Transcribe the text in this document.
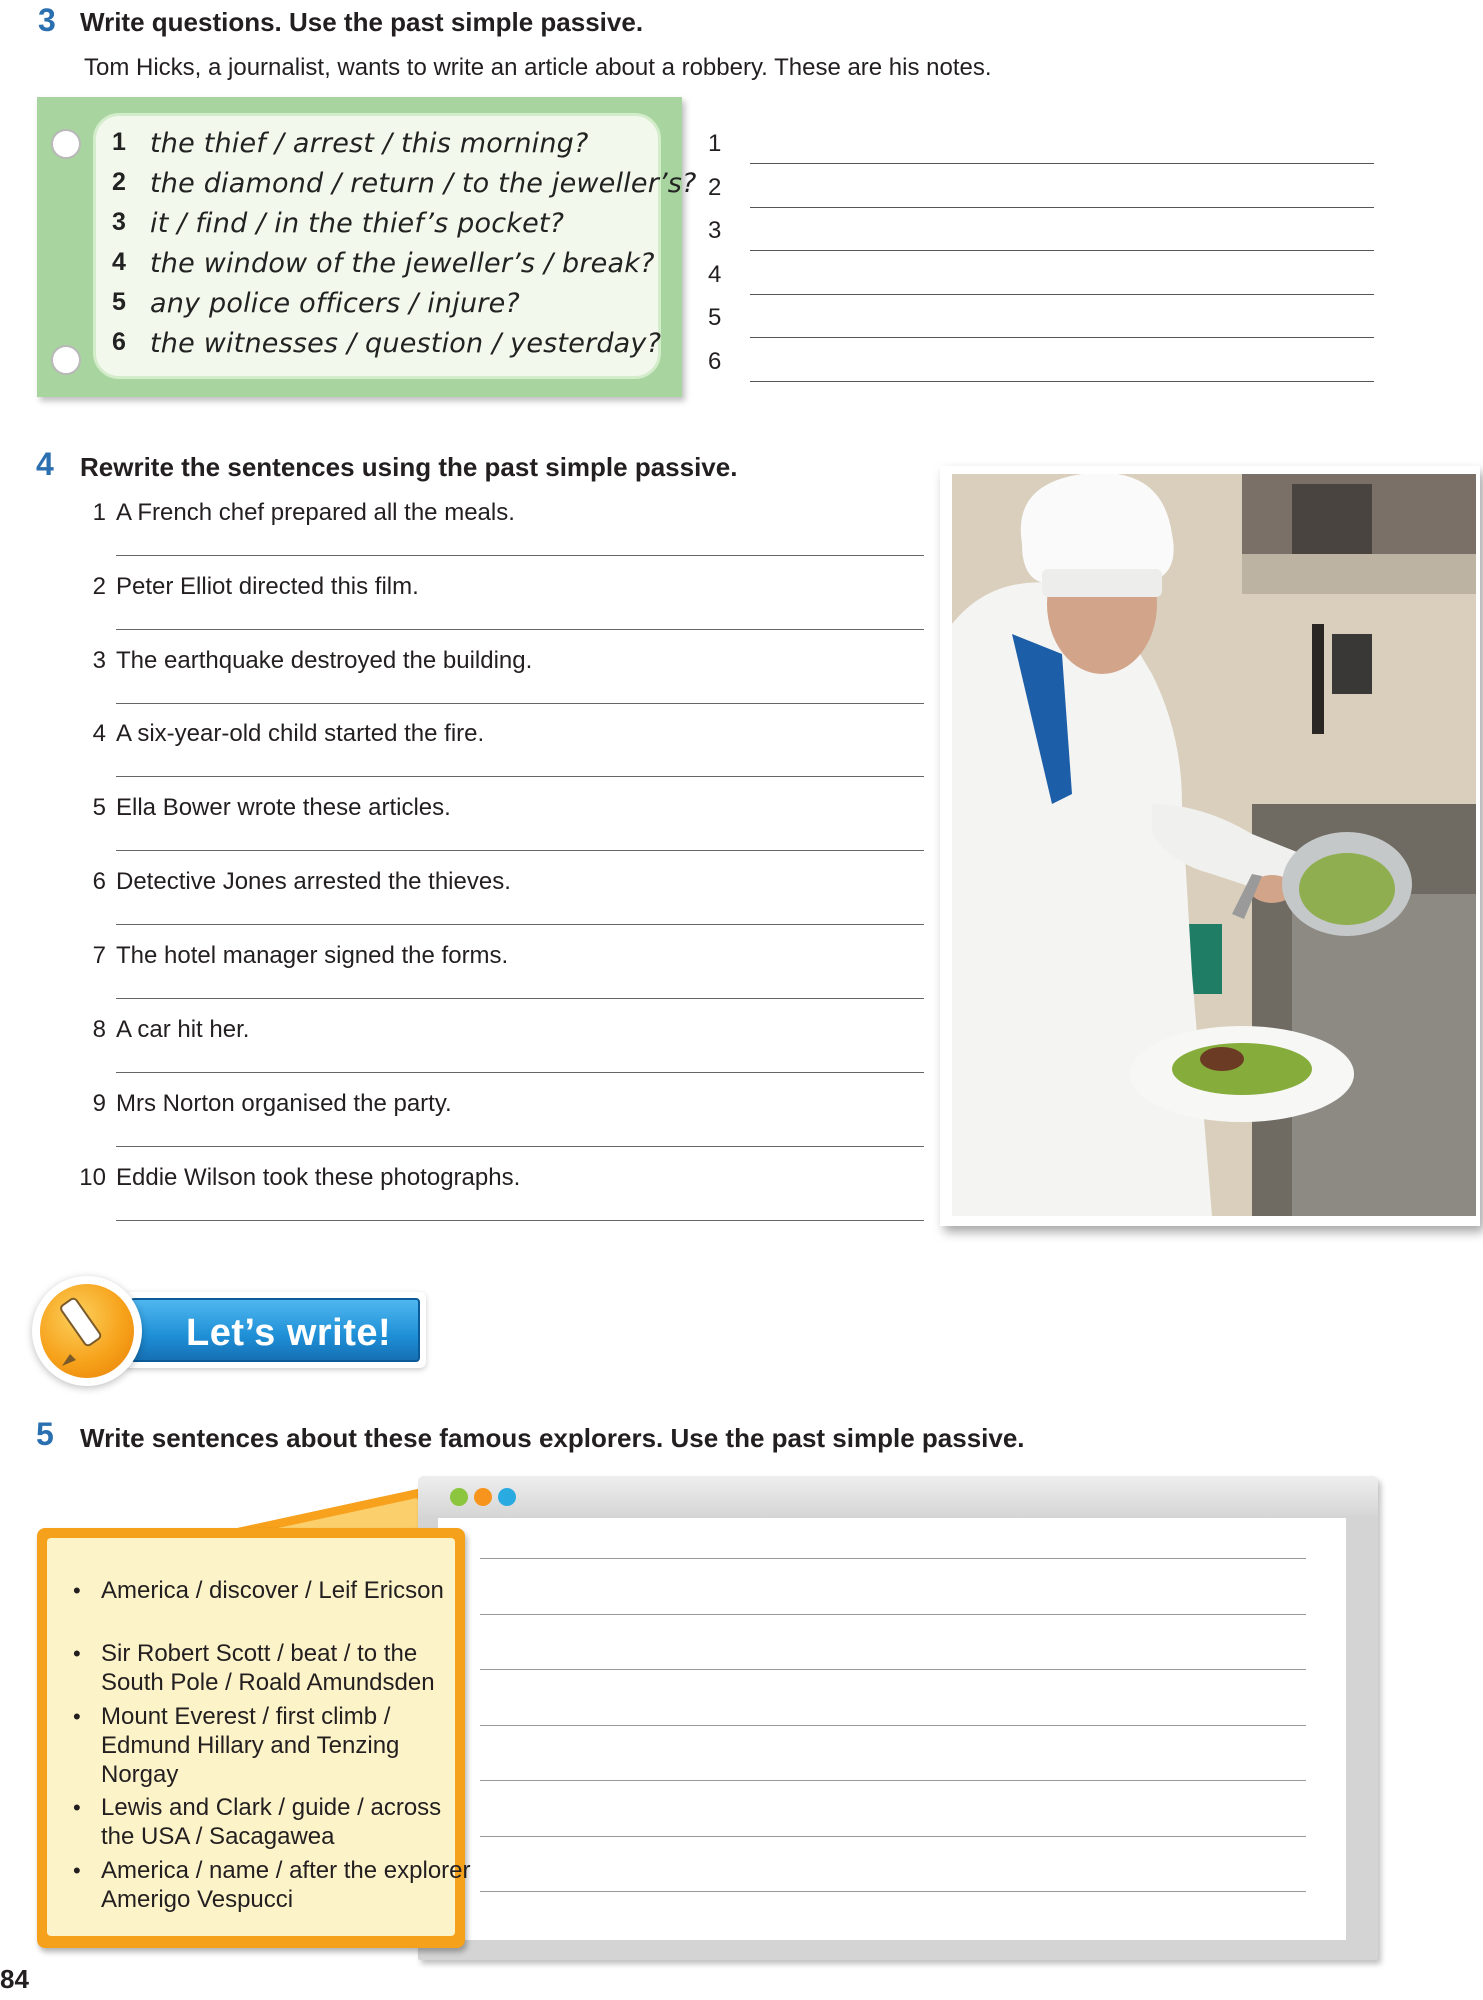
3 Write questions. Use the past simple passive.
Tom Hicks, a journalist, wants to write an article about a robbery. These are his notes.
1 the thief / arrest / this morning?
2 the diamond / return / to the jeweller’s?
3 it / find / in the thief’s pocket?
4 the window of the jeweller’s / break?
5 any police officers / injure?
6 the witnesses / question / yesterday?
1
2
3
4
5
6
4 Rewrite the sentences using the past simple passive.
1 A French chef prepared all the meals.
2 Peter Elliot directed this film.
3 The earthquake destroyed the building.
4 A six-year-old child started the fire.
5 Ella Bower wrote these articles.
6 Detective Jones arrested the thieves.
7 The hotel manager signed the forms.
8 A car hit her.
9 Mrs Norton organised the party.
10 Eddie Wilson took these photographs.
Let’s write!
5 Write sentences about these famous explorers. Use the past simple passive.
• America / discover / Leif Ericson
• Sir Robert Scott / beat / to the South Pole / Roald Amundsden
• Mount Everest / first climb / Edmund Hillary and Tenzing Norgay
• Lewis and Clark / guide / across the USA / Sacagawea
• America / name / after the explorer Amerigo Vespucci
84
